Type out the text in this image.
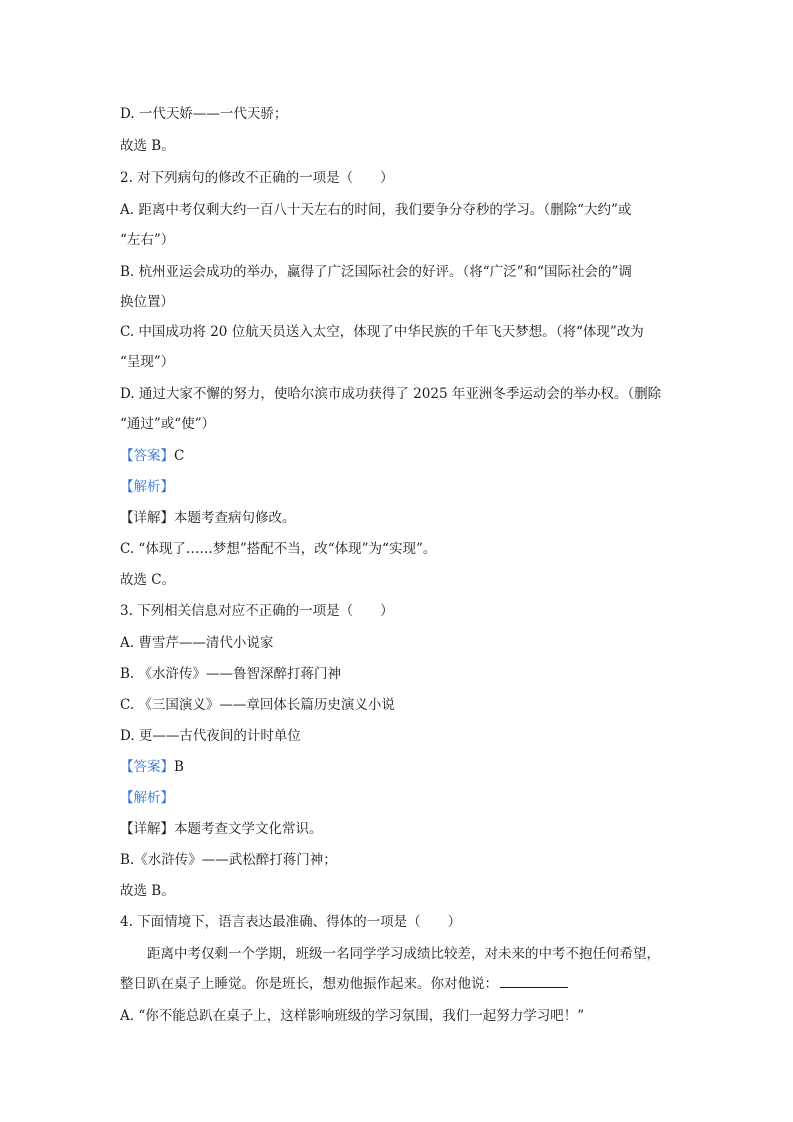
D. 一代天娇——一代天骄；
故选 B。
2. 对下列病句的修改不正确的一项是（　　）
A. 距离中考仅剩大约一百八十天左右的时间，我们要争分夺秒的学习。（删除“大约”或
“左右”）
B. 杭州亚运会成功的举办，赢得了广泛国际社会的好评。（将“广泛”和“国际社会的”调
换位置）
C. 中国成功将 20 位航天员送入太空，体现了中华民族的千年飞天梦想。（将“体现”改为
“呈现”）
D. 通过大家不懈的努力，使哈尔滨市成功获得了 2025 年亚洲冬季运动会的举办权。（删除
“通过”或“使”）
【答案】C
【解析】
【详解】本题考查病句修改。
C. “体现了……梦想”搭配不当，改“体现”为“实现”。
故选 C。
3. 下列相关信息对应不正确的一项是（　　）
A. 曹雪芹——清代小说家
B. 《水浒传》——鲁智深醉打蒋门神
C. 《三国演义》——章回体长篇历史演义小说
D. 更——古代夜间的计时单位
【答案】B
【解析】
【详解】本题考查文学文化常识。
B.《水浒传》——武松醉打蒋门神；
故选 B。
4. 下面情境下，语言表达最准确、得体的一项是（　　）
距离中考仅剩一个学期，班级一名同学学习成绩比较差，对未来的中考不抱任何希望，
整日趴在桌子上睡觉。你是班长，想劝他振作起来。你对他说：
A. “你不能总趴在桌子上，这样影响班级的学习氛围，我们一起努力学习吧！”
